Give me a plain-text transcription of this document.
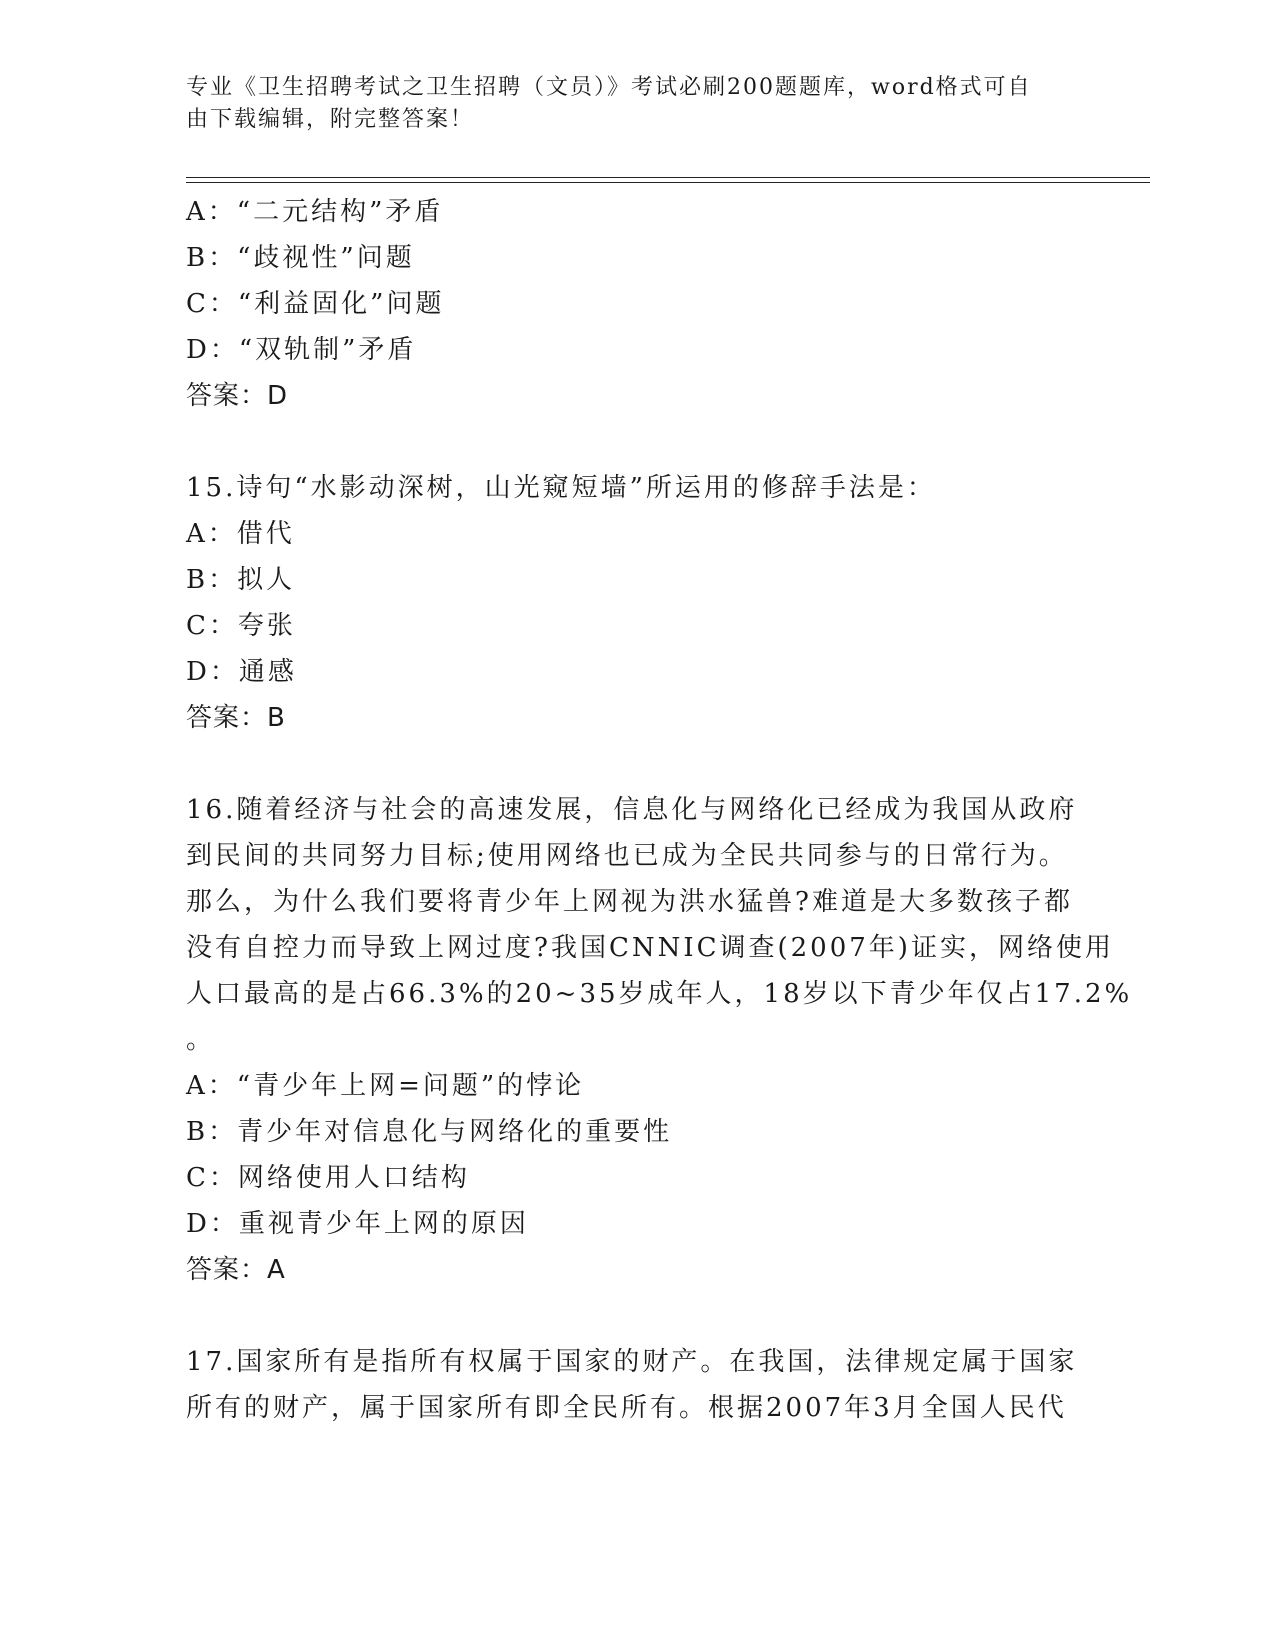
专业《卫生招聘考试之卫生招聘（文员）》考试必刷200题题库，word格式可自
由下载编辑，附完整答案！
A：“二元结构”矛盾
B：“歧视性”问题
C：“利益固化”问题
D：“双轨制”矛盾
答案：D
15.诗句“水影动深树，山光窥短墙”所运用的修辞手法是：
A：借代
B：拟人
C：夸张
D：通感
答案：B
16.随着经济与社会的高速发展，信息化与网络化已经成为我国从政府
到民间的共同努力目标;使用网络也已成为全民共同参与的日常行为。
那么，为什么我们要将青少年上网视为洪水猛兽?难道是大多数孩子都
没有自控力而导致上网过度?我国CNNIC调查(2007年)证实，网络使用
人口最高的是占66.3%的20~35岁成年人，18岁以下青少年仅占17.2%
。
A：“青少年上网=问题”的悖论
B：青少年对信息化与网络化的重要性
C：网络使用人口结构
D：重视青少年上网的原因
答案：A
17.国家所有是指所有权属于国家的财产。在我国，法律规定属于国家
所有的财产，属于国家所有即全民所有。根据2007年3月全国人民代
